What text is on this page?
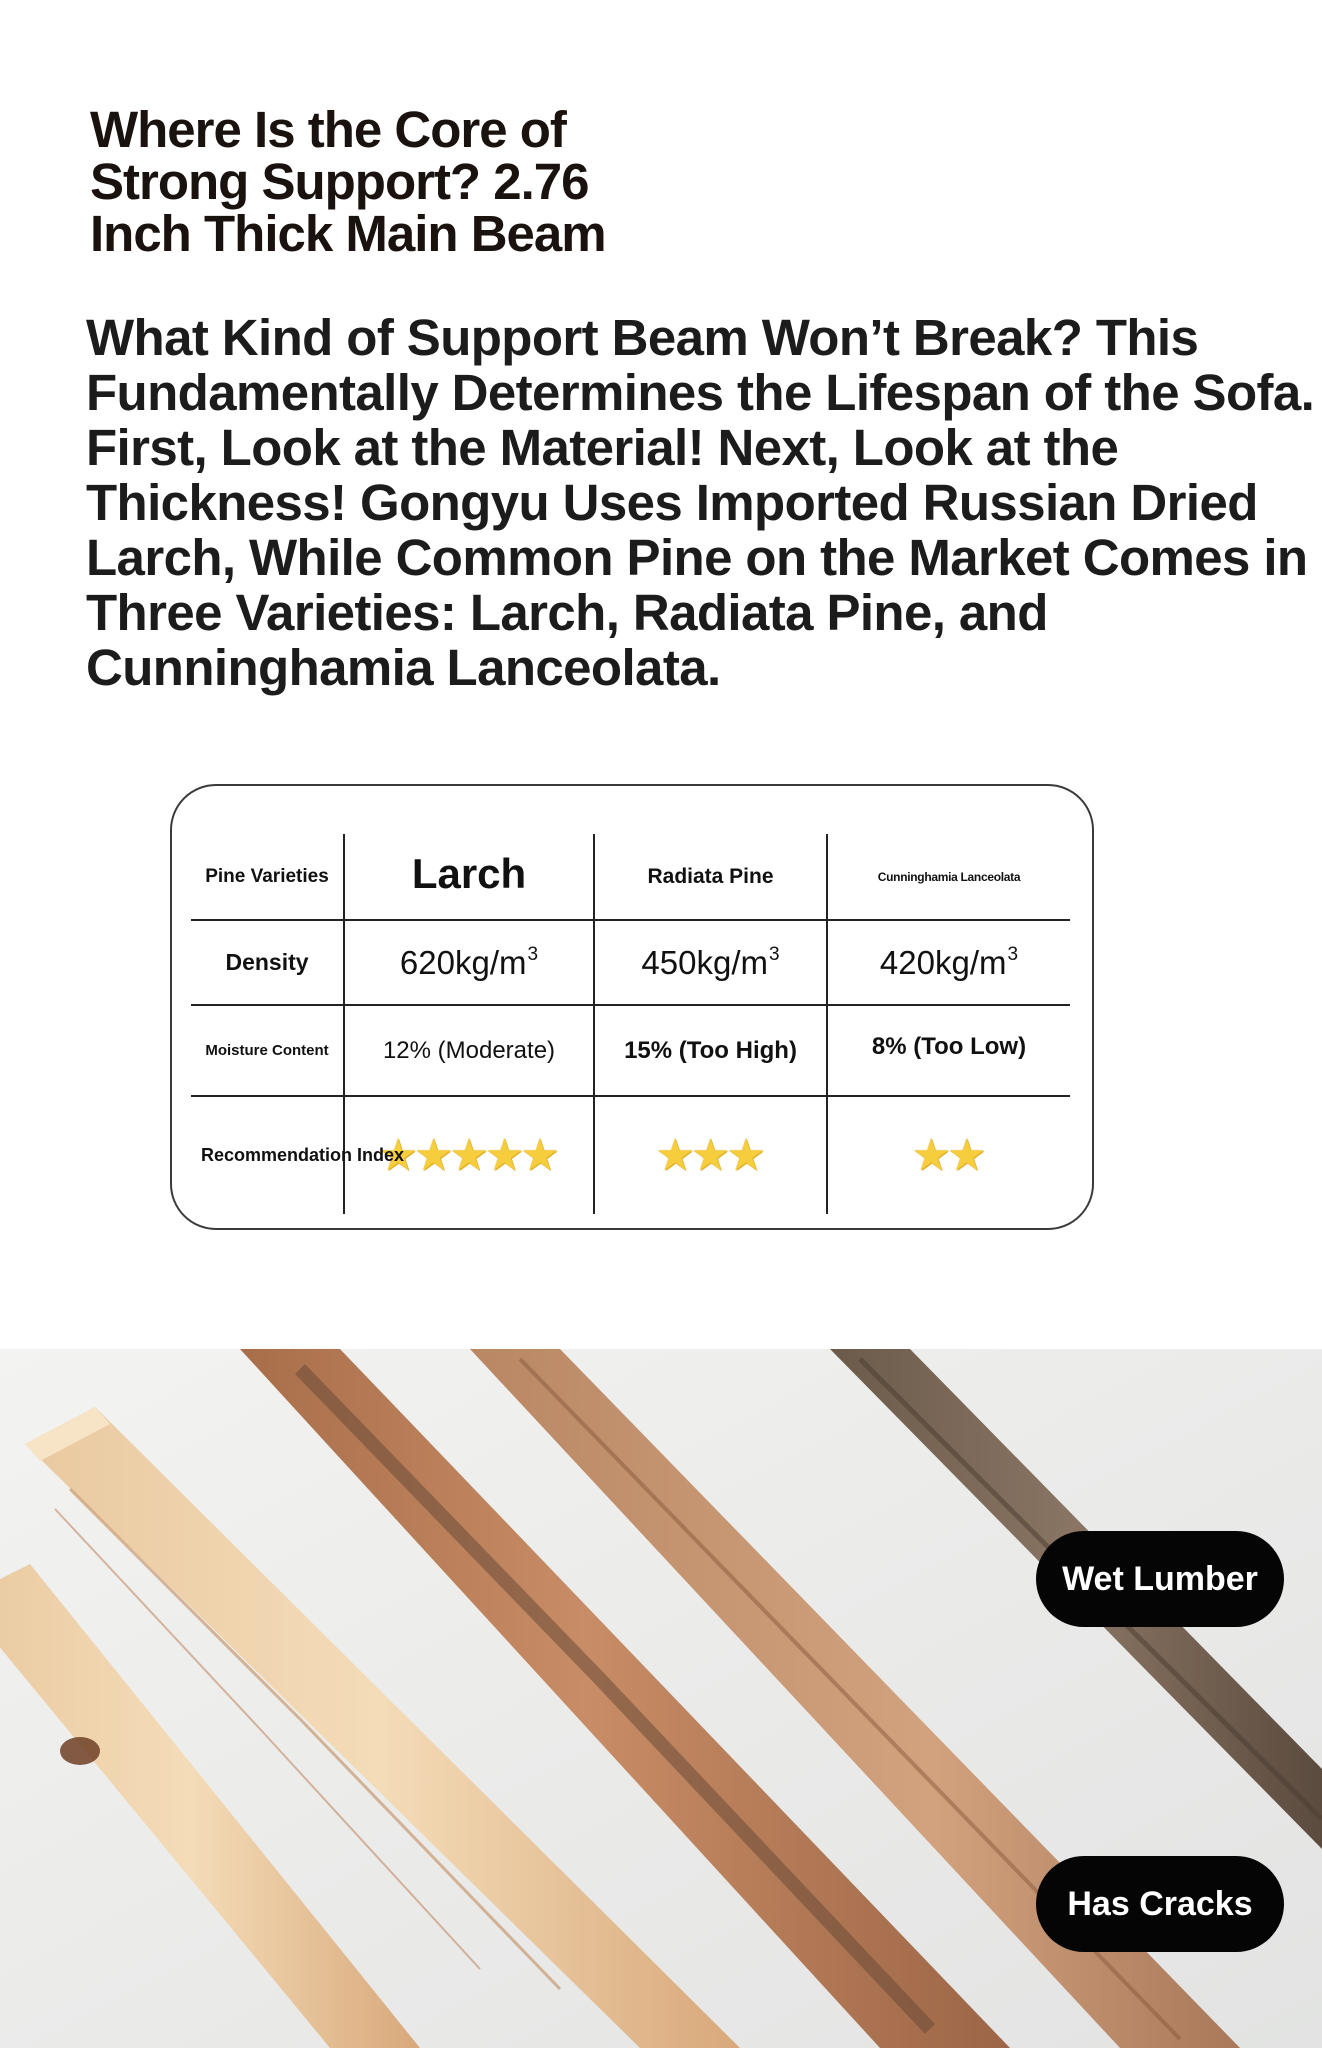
Where Is the Core of
Strong Support? 2.76
Inch Thick Main Beam

What Kind of Support Beam Won’t Break? This
Fundamentally Determines the Lifespan of the Sofa.
First, Look at the Material! Next, Look at the
Thickness! Gongyu Uses Imported Russian Dried
Larch, While Common Pine on the Market Comes in
Three Varieties: Larch, Radiata Pine, and
Cunninghamia Lanceolata.

Pine Varieties	Larch	Radiata Pine	Cunninghamia Lanceolata
Density	$620kg/m^3$	$450kg/m^3$	$420kg/m^3$
Moisture Content	12% (Moderate)	15% (Too High)	8% (Too Low)
Recommendation Index	★★★★★	★★★	★★
Wet Lumber
Has Cracks
